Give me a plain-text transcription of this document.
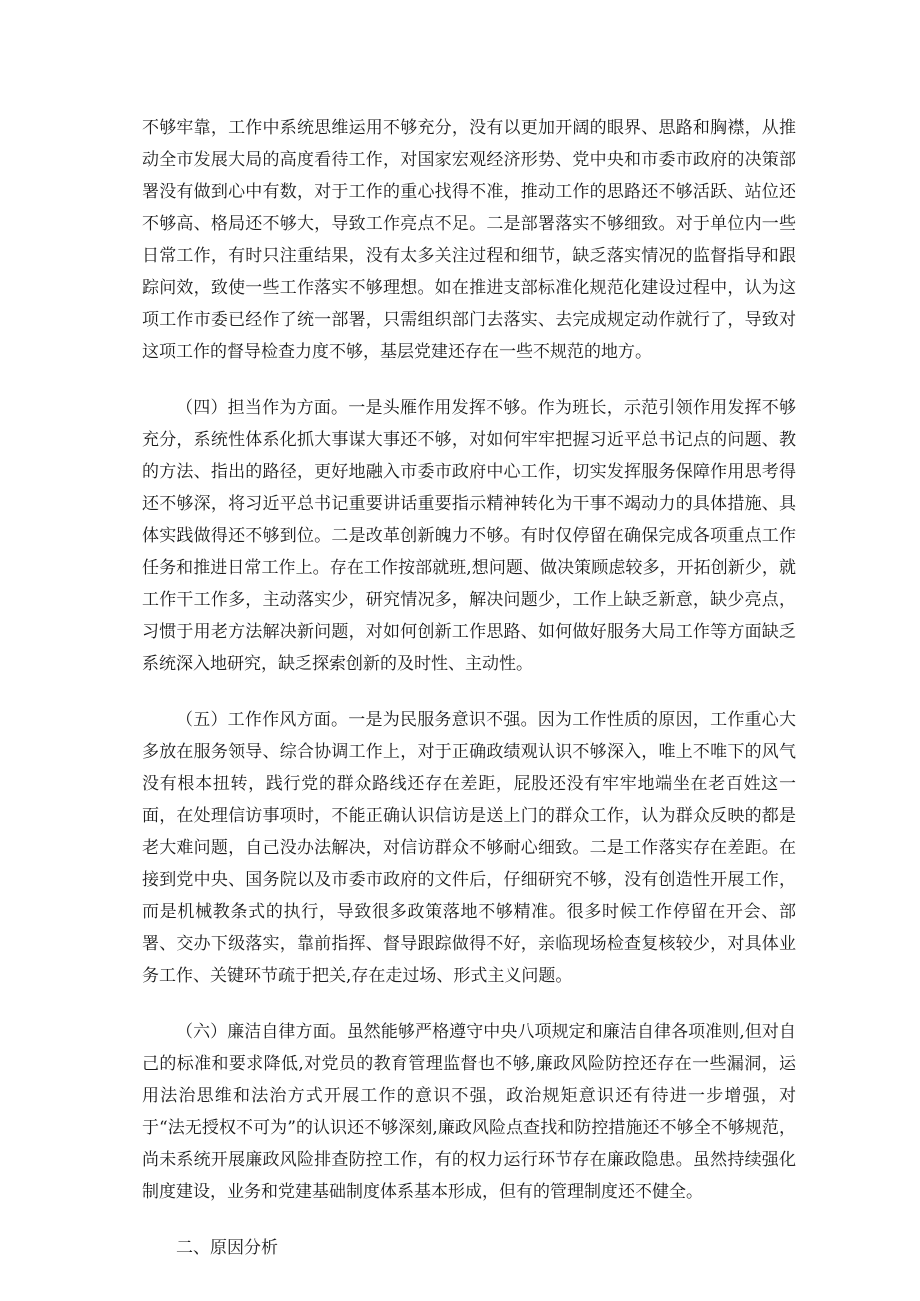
不够牢靠，工作中系统思维运用不够充分，没有以更加开阔的眼界、思路和胸襟，从推动全市发展大局的高度看待工作，对国家宏观经济形势、党中央和市委市政府的决策部署没有做到心中有数，对于工作的重心找得不准，推动工作的思路还不够活跃、站位还不够高、格局还不够大，导致工作亮点不足。二是部署落实不够细致。对于单位内一些日常工作，有时只注重结果，没有太多关注过程和细节，缺乏落实情况的监督指导和跟踪问效，致使一些工作落实不够理想。如在推进支部标准化规范化建设过程中，认为这项工作市委已经作了统一部署，只需组织部门去落实、去完成规定动作就行了，导致对这项工作的督导检查力度不够，基层党建还存在一些不规范的地方。

（四）担当作为方面。一是头雁作用发挥不够。作为班长，示范引领作用发挥不够充分，系统性体系化抓大事谋大事还不够，对如何牢牢把握习近平总书记点的问题、教的方法、指出的路径，更好地融入市委市政府中心工作，切实发挥服务保障作用思考得还不够深，将习近平总书记重要讲话重要指示精神转化为干事不竭动力的具体措施、具体实践做得还不够到位。二是改革创新魄力不够。有时仅停留在确保完成各项重点工作任务和推进日常工作上。存在工作按部就班,想问题、做决策顾虑较多，开拓创新少，就工作干工作多，主动落实少，研究情况多，解决问题少，工作上缺乏新意，缺少亮点，习惯于用老方法解决新问题，对如何创新工作思路、如何做好服务大局工作等方面缺乏系统深入地研究，缺乏探索创新的及时性、主动性。

（五）工作作风方面。一是为民服务意识不强。因为工作性质的原因，工作重心大多放在服务领导、综合协调工作上，对于正确政绩观认识不够深入，唯上不唯下的风气没有根本扭转，践行党的群众路线还存在差距，屁股还没有牢牢地端坐在老百姓这一面，在处理信访事项时，不能正确认识信访是送上门的群众工作，认为群众反映的都是老大难问题，自己没办法解决，对信访群众不够耐心细致。二是工作落实存在差距。在接到党中央、国务院以及市委市政府的文件后，仔细研究不够，没有创造性开展工作，而是机械教条式的执行，导致很多政策落地不够精准。很多时候工作停留在开会、部署、交办下级落实，靠前指挥、督导跟踪做得不好，亲临现场检查复核较少，对具体业务工作、关键环节疏于把关,存在走过场、形式主义问题。

（六）廉洁自律方面。虽然能够严格遵守中央八项规定和廉洁自律各项准则,但对自己的标准和要求降低,对党员的教育管理监督也不够,廉政风险防控还存在一些漏洞，运用法治思维和法治方式开展工作的意识不强，政治规矩意识还有待进一步增强，对于“法无授权不可为”的认识还不够深刻,廉政风险点查找和防控措施还不够全不够规范，尚未系统开展廉政风险排查防控工作，有的权力运行环节存在廉政隐患。虽然持续强化制度建设，业务和党建基础制度体系基本形成，但有的管理制度还不健全。

二、原因分析
